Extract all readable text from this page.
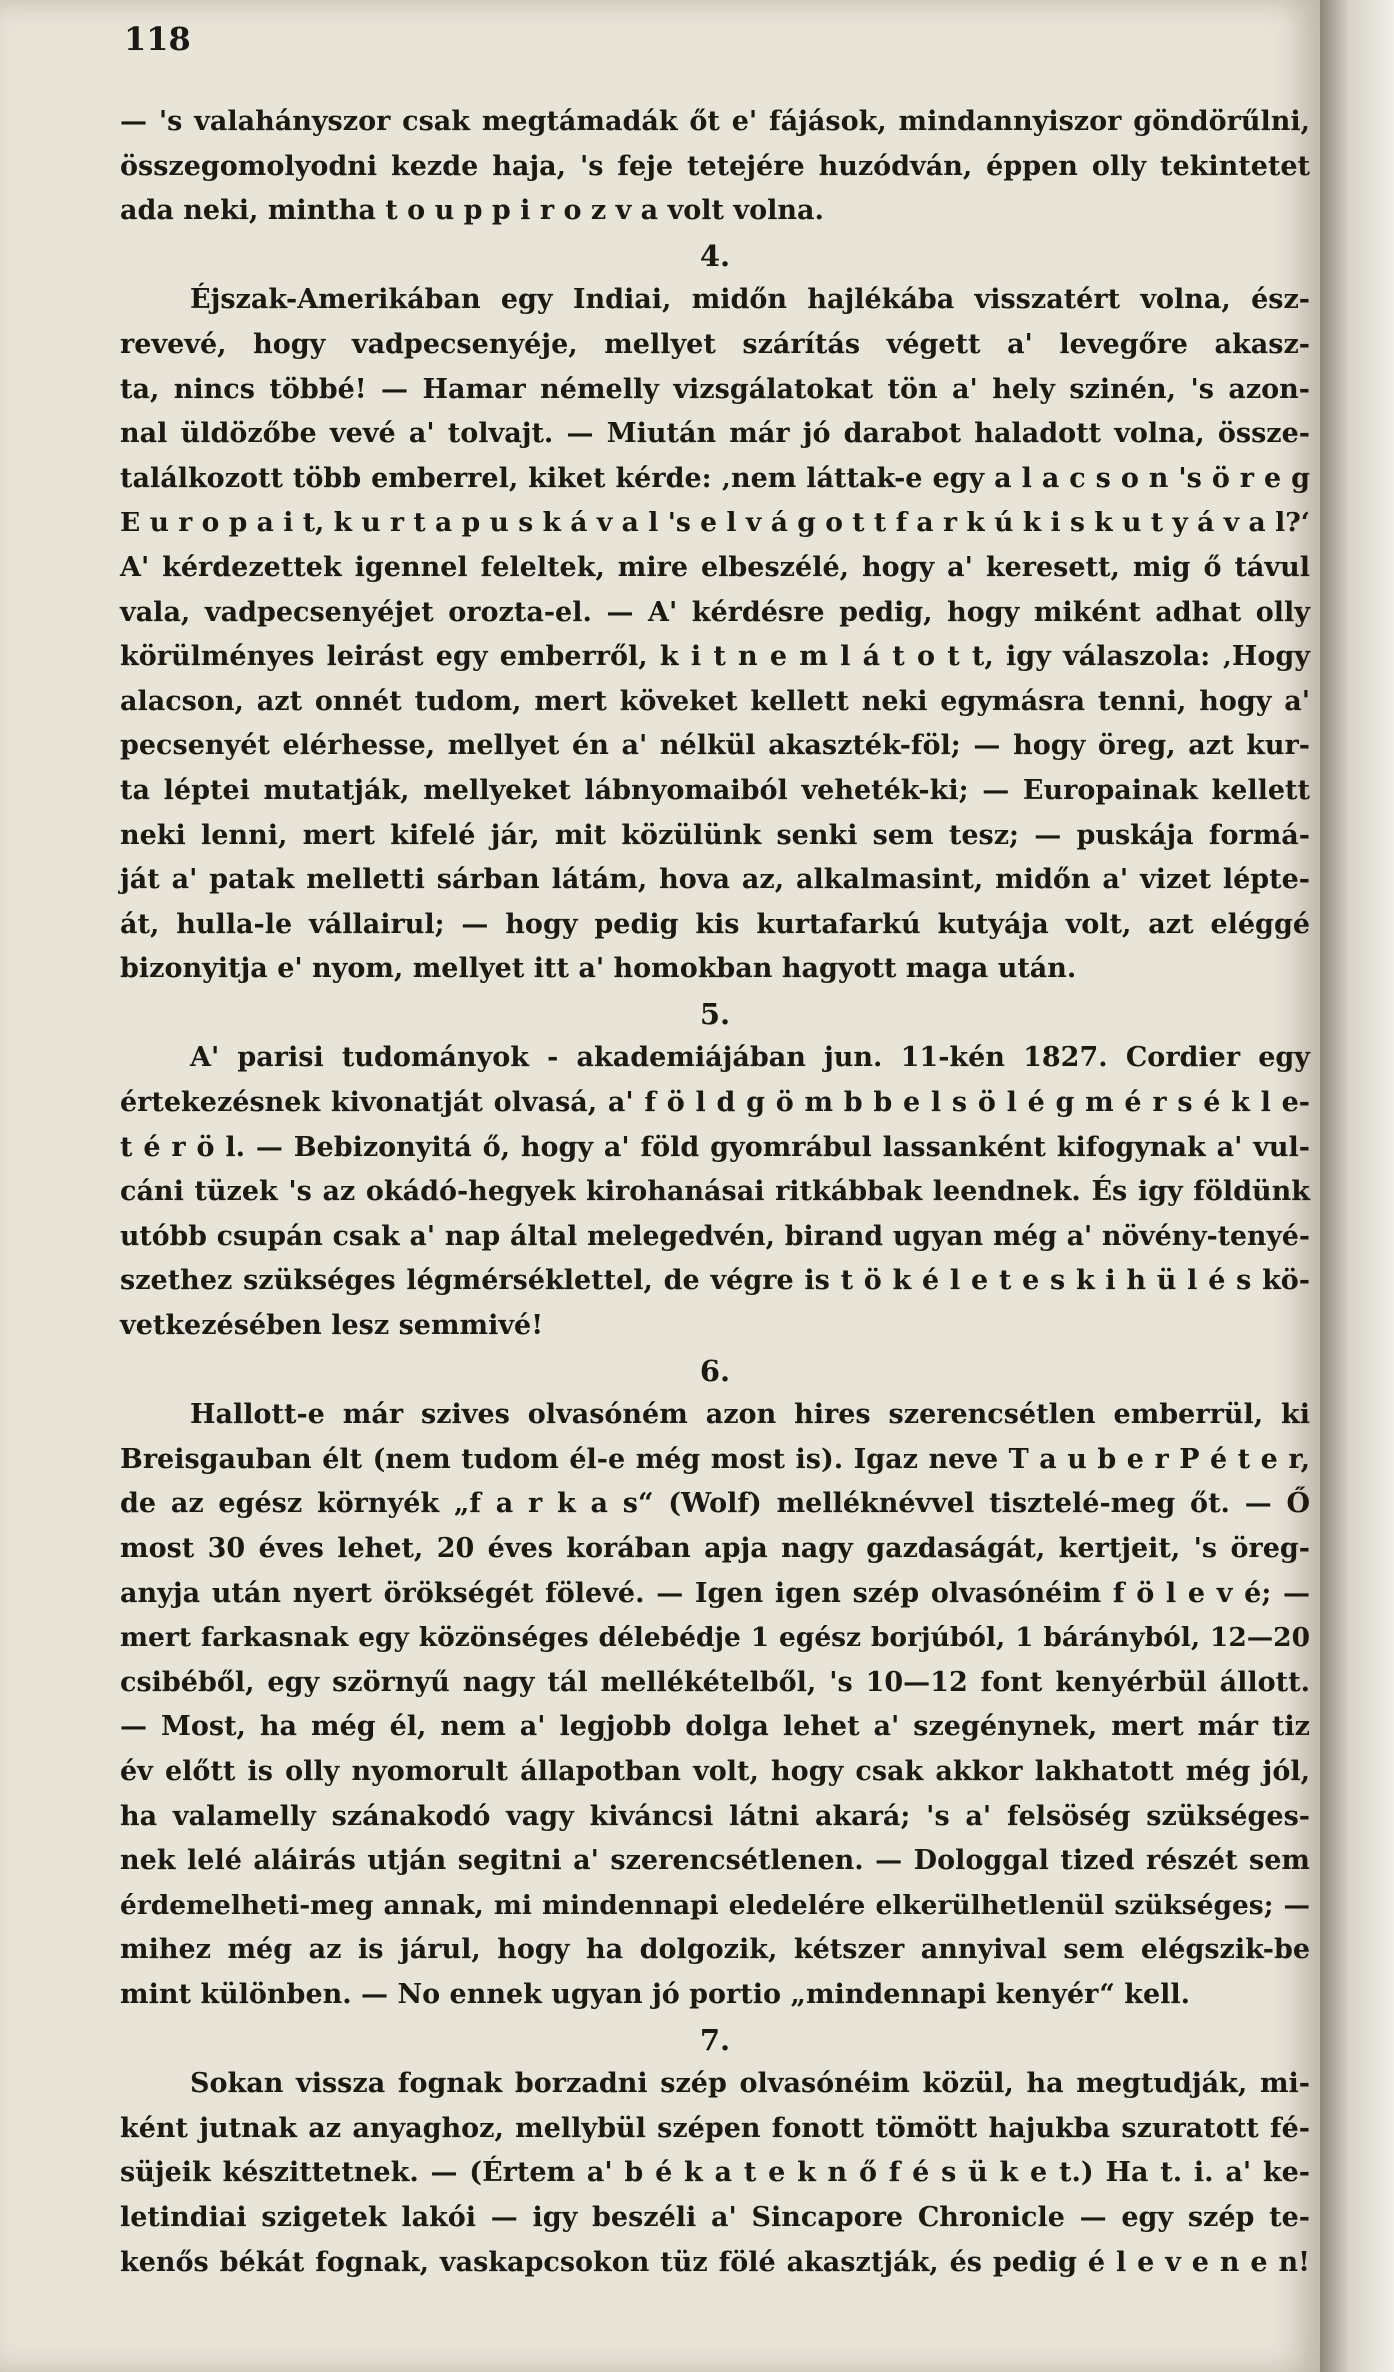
118
— 's valahányszor csak megtámadák őt e' fájások, mindannyiszor göndörűlni,
összegomolyodni kezde haja, 's feje tetejére huzódván, éppen olly tekintetet
ada neki, mintha t o u p p i r o z v a volt volna.
4.
Éjszak-Amerikában egy Indiai, midőn hajlékába visszatért volna, ész-
revevé, hogy vadpecsenyéje, mellyet szárítás végett a' levegőre akasz-
ta, nincs többé! — Hamar némelly vizsgálatokat tön a' hely szinén, 's azon-
nal üldözőbe vevé a' tolvajt. — Miután már jó darabot haladott volna, össze-
találkozott több emberrel, kiket kérde: ‚nem láttak-e egy a l a c s o n 's ö r e g
E u r o p a i t, k u r t a p u s k á v a l 's e l v á g o t t f a r k ú k i s k u t y á v a l?‘
A' kérdezettek igennel feleltek, mire elbeszélé, hogy a' keresett, mig ő távul
vala, vadpecsenyéjet orozta-el. — A' kérdésre pedig, hogy miként adhat olly
körülményes leirást egy emberről, k i t n e m l á t o t t, igy válaszola: ‚Hogy
alacson, azt onnét tudom, mert köveket kellett neki egymásra tenni, hogy a'
pecsenyét elérhesse, mellyet én a' nélkül akaszték-föl; — hogy öreg, azt kur-
ta léptei mutatják, mellyeket lábnyomaiból veheték-ki; — Europainak kellett
neki lenni, mert kifelé jár, mit közülünk senki sem tesz; — puskája formá-
ját a' patak melletti sárban látám, hova az, alkalmasint, midőn a' vizet lépte-
át, hulla-le vállairul; — hogy pedig kis kurtafarkú kutyája volt, azt eléggé
bizonyitja e' nyom, mellyet itt a' homokban hagyott maga után.
5.
A' parisi tudományok - akademiájában jun. 11-kén 1827. Cordier egy
értekezésnek kivonatját olvasá, a' f ö l d g ö m b b e l s ö l é g m é r s é k l e-
t é r ö l. — Bebizonyitá ő, hogy a' föld gyomrábul lassanként kifogynak a' vul-
cáni tüzek 's az okádó-hegyek kirohanásai ritkábbak leendnek. És igy földünk
utóbb csupán csak a' nap által melegedvén, birand ugyan még a' növény-tenyé-
szethez szükséges légmérséklettel, de végre is t ö k é l e t e s k i h ü l é s kö-
vetkezésében lesz semmivé!
6.
Hallott-e már szives olvasóném azon hires szerencsétlen emberrül, ki
Breisgauban élt (nem tudom él-e még most is). Igaz neve T a u b e r P é t e r,
de az egész környék „f a r k a s“ (Wolf) melléknévvel tisztelé-meg őt. — Ő
most 30 éves lehet, 20 éves korában apja nagy gazdaságát, kertjeit, 's öreg-
anyja után nyert örökségét fölevé. — Igen igen szép olvasónéim f ö l e v é; —
mert farkasnak egy közönséges délebédje 1 egész borjúból, 1 bárányból, 12—20
csibéből, egy szörnyű nagy tál mellékételből, 's 10—12 font kenyérbül állott.
— Most, ha még él, nem a' legjobb dolga lehet a' szegénynek, mert már tiz
év előtt is olly nyomorult állapotban volt, hogy csak akkor lakhatott még jól,
ha valamelly szánakodó vagy kiváncsi látni akará; 's a' felsöség szükséges-
nek lelé aláirás utján segitni a' szerencsétlenen. — Dologgal tized részét sem
érdemelheti-meg annak, mi mindennapi eledelére elkerülhetlenül szükséges; —
mihez még az is járul, hogy ha dolgozik, kétszer annyival sem elégszik-be
mint különben. — No ennek ugyan jó portio „mindennapi kenyér“ kell.
7.
Sokan vissza fognak borzadni szép olvasónéim közül, ha megtudják, mi-
ként jutnak az anyaghoz, mellybül szépen fonott tömött hajukba szuratott fé-
süjeik készittetnek. — (Értem a' b é k a t e k n ő f é s ü k e t.) Ha t. i. a' ke-
letindiai szigetek lakói — igy beszéli a' Sincapore Chronicle — egy szép te-
kenős békát fognak, vaskapcsokon tüz fölé akasztják, és pedig é l e v e n e n!
